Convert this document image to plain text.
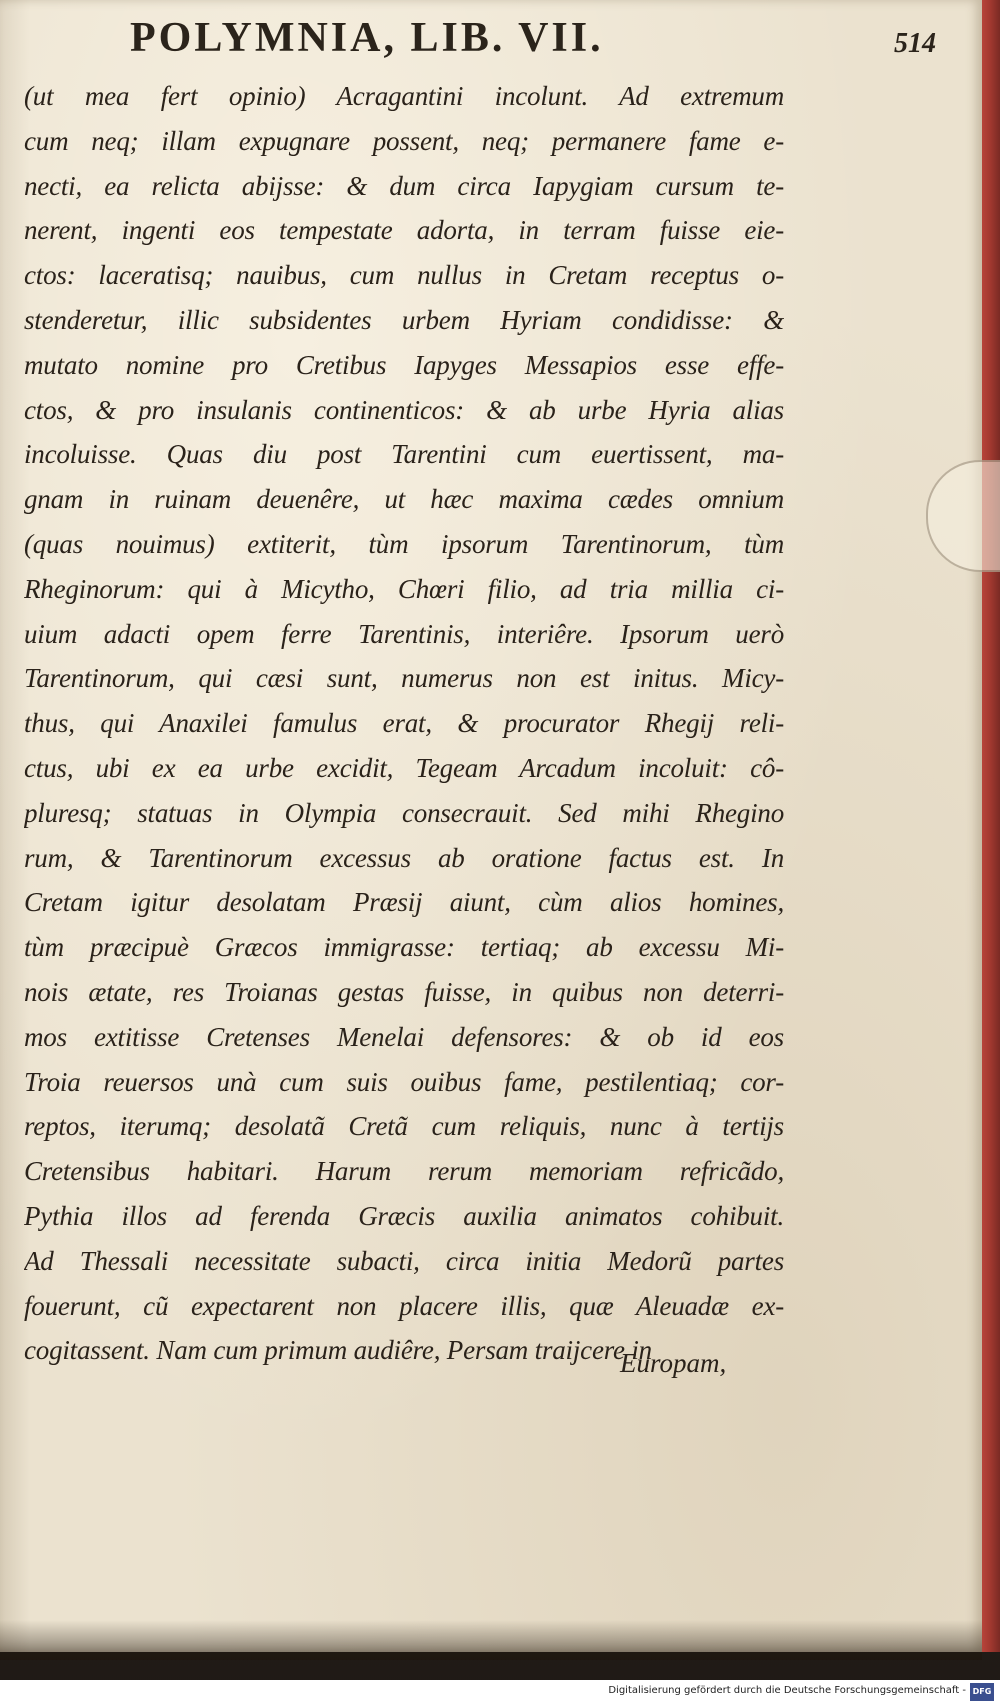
POLYMNIA, LIB. VII.	514
(ut mea fert opinio) Acragantini incolunt. Ad extremum
cum neq; illam expugnare possent, neq; permanere fame e-
necti, ea relicta abijsse: & dum circa Iapygiam cursum te-
nerent, ingenti eos tempestate adorta, in terram fuisse eie-
ctos: laceratisq; nauibus, cum nullus in Cretam receptus o-
stenderetur, illic subsidentes urbem Hyriam condidisse: &
mutato nomine pro Cretibus Iapyges Messapios esse effe-
ctos, & pro insulanis continenticos: & ab urbe Hyria alias
incoluisse. Quas diu post Tarentini cum euertissent, ma-
gnam in ruinam deuenêre, ut hæc maxima cædes omnium
(quas nouimus) extiterit, tùm ipsorum Tarentinorum, tùm
Rheginorum: qui à Micytho, Chœri filio, ad tria millia ci-
uium adacti opem ferre Tarentinis, interiêre. Ipsorum uerò
Tarentinorum, qui cæsi sunt, numerus non est initus. Micy-
thus, qui Anaxilei famulus erat, & procurator Rhegij reli-
ctus, ubi ex ea urbe excidit, Tegeam Arcadum incoluit: cô-
pluresq; statuas in Olympia consecrauit. Sed mihi Rhegino
rum, & Tarentinorum excessus ab oratione factus est. In
Cretam igitur desolatam Præsij aiunt, cùm alios homines,
tùm præcipuè Græcos immigrasse: tertiaq; ab excessu Mi-
nois ætate, res Troianas gestas fuisse, in quibus non deterri-
mos extitisse Cretenses Menelai defensores: & ob id eos
Troia reuersos unà cum suis ouibus fame, pestilentiaq; cor-
reptos, iterumq; desolatã Cretã cum reliquis, nunc à tertijs
Cretensibus habitari. Harum rerum memoriam refricãdo,
Pythia illos ad ferenda Græcis auxilia animatos cohibuit.
Ad Thessali necessitate subacti, circa initia Medorũ partes
fouerunt, cũ expectarent non placere illis, quæ Aleuadæ ex-
cogitassent. Nam cum primum audiêre, Persam traijcere in
Europam,
Digitalisierung gefördert durch die Deutsche Forschungsgemeinschaft - DFG
